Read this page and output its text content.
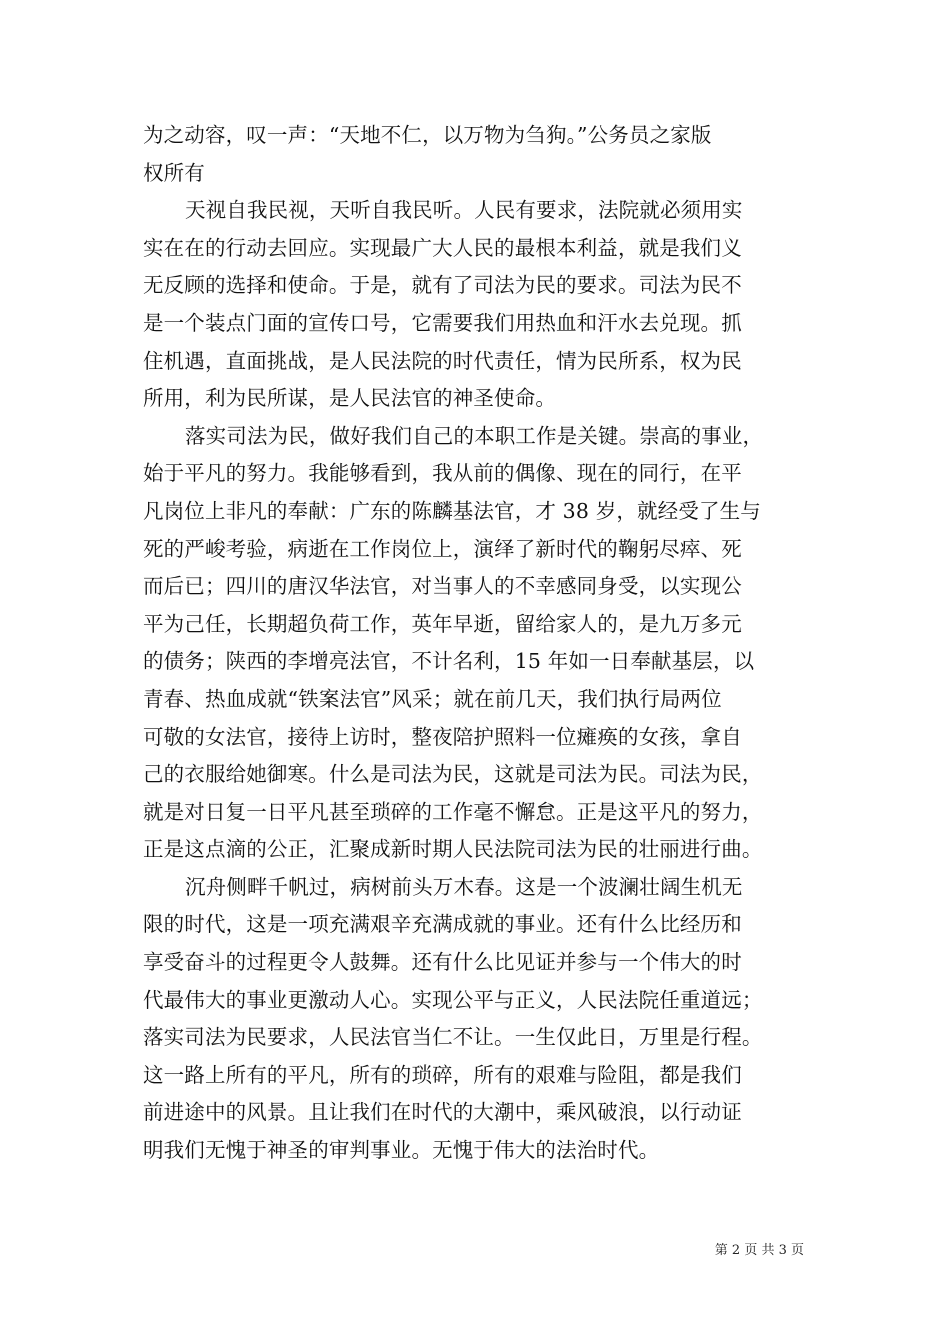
为之动容，叹一声：“天地不仁，以万物为刍狗。”公务员之家版
权所有
天视自我民视，天听自我民听。人民有要求，法院就必须用实
实在在的行动去回应。实现最广大人民的最根本利益，就是我们义
无反顾的选择和使命。于是，就有了司法为民的要求。司法为民不
是一个装点门面的宣传口号，它需要我们用热血和汗水去兑现。抓
住机遇，直面挑战，是人民法院的时代责任，情为民所系，权为民
所用，利为民所谋，是人民法官的神圣使命。
落实司法为民，做好我们自己的本职工作是关键。崇高的事业，
始于平凡的努力。我能够看到，我从前的偶像、现在的同行，在平
凡岗位上非凡的奉献：广东的陈麟基法官，才 38 岁，就经受了生与
死的严峻考验，病逝在工作岗位上，演绎了新时代的鞠躬尽瘁、死
而后已；四川的唐汉华法官，对当事人的不幸感同身受，以实现公
平为己任，长期超负荷工作，英年早逝，留给家人的，是九万多元
的债务；陕西的李增亮法官，不计名利，15 年如一日奉献基层，以
青春、热血成就“铁案法官”风采；就在前几天，我们执行局两位
可敬的女法官，接待上访时，整夜陪护照料一位瘫痪的女孩，拿自
己的衣服给她御寒。什么是司法为民，这就是司法为民。司法为民，
就是对日复一日平凡甚至琐碎的工作毫不懈怠。正是这平凡的努力，
正是这点滴的公正，汇聚成新时期人民法院司法为民的壮丽进行曲。
沉舟侧畔千帆过，病树前头万木春。这是一个波澜壮阔生机无
限的时代，这是一项充满艰辛充满成就的事业。还有什么比经历和
享受奋斗的过程更令人鼓舞。还有什么比见证并参与一个伟大的时
代最伟大的事业更激动人心。实现公平与正义，人民法院任重道远；
落实司法为民要求，人民法官当仁不让。一生仅此日，万里是行程。
这一路上所有的平凡，所有的琐碎，所有的艰难与险阻，都是我们
前进途中的风景。且让我们在时代的大潮中，乘风破浪，以行动证
明我们无愧于神圣的审判事业。无愧于伟大的法治时代。
第 2 页 共 3 页
